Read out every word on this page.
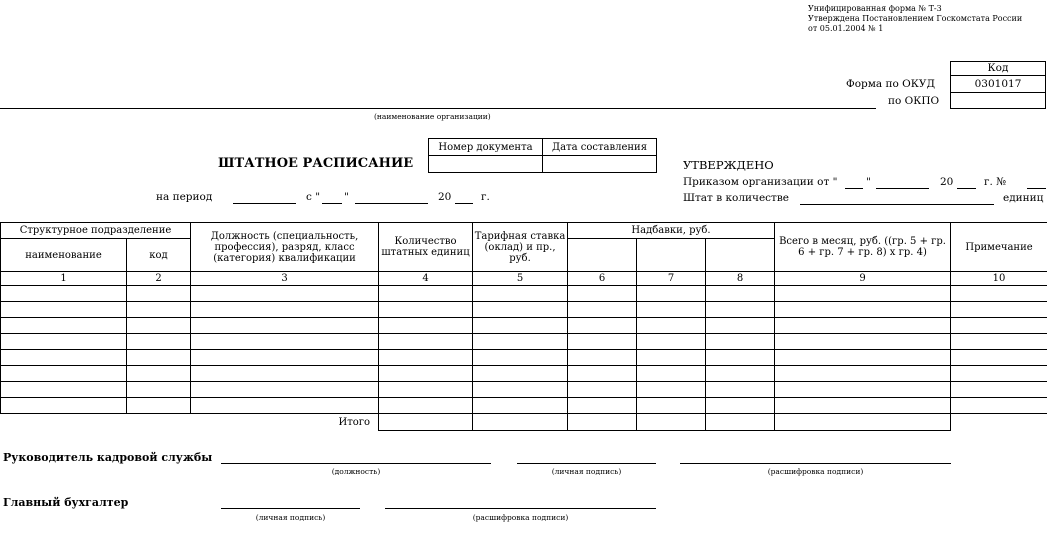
Унифицированная форма № Т-3
Утверждена Постановлением Госкомстата России
от 05.01.2004 № 1
Код
0301017
Форма по ОКУД
по ОКПО
(наименование организации)
Номер документа	Дата составления

ШТАТНОЕ РАСПИСАНИЕ
на период	с " "	20	г.
УТВЕРЖДЕНО
Приказом организации от "	"	20	г. №
Штат в количестве	единиц
Структурное подразделение		Должность (специальность, профессия), разряд, класс (категория) квалификации	Количество штатных единиц	Тарифная ставка (оклад) и пр., руб.	Надбавки, руб.			Всего в месяц, руб. ((гр. 5 + гр. 6 + гр. 7 + гр. 8) х гр. 4)	Примечание
наименование	код								
1	2	3	4	5	6	7	8	9	10

Итого									
Руководитель кадровой службы
(должность)	(личная подпись)	(расшифровка подписи)
Главный бухгалтер
(личная подпись)	(расшифровка подписи)
